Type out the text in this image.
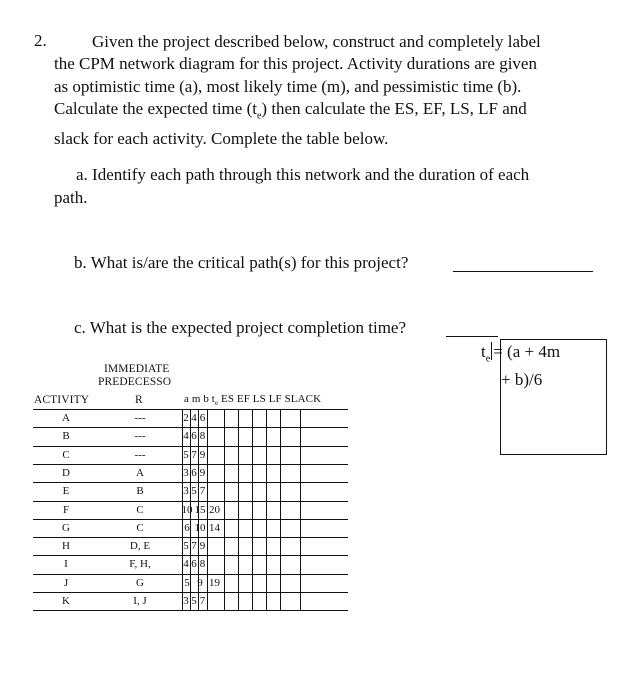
2.	Given the project described below, construct and completely label
the CPM network diagram for this project. Activity durations are given
as optimistic time (a), most likely time (m), and pessimistic time (b).
Calculate the expected time $(t_e)$ then calculate the ES, EF, LS, LF and
slack for each activity. Complete the table below.
a. Identify each path through this network and the duration of each
path.
b. What is/are the critical path(s) for this project?
c. What is the expected project completion time?
$t_e = (a + 4m$
+ b)/6
IMMEDIATE
PREDECESSO
ACTIVITY	R	a m b $t_e$ ES EF LS LF SLACK
A	---	2 4 6
B	---	4 6 8
C	---	5 7 9
D	A	3 6 9
E	B	3 5 7
F	C	10 15 20
G	C	6 10 14
H	D, E	5 7 9
I	F, H,	4 6 8
J	G	5 9 19
K	I, J	3 5 7
